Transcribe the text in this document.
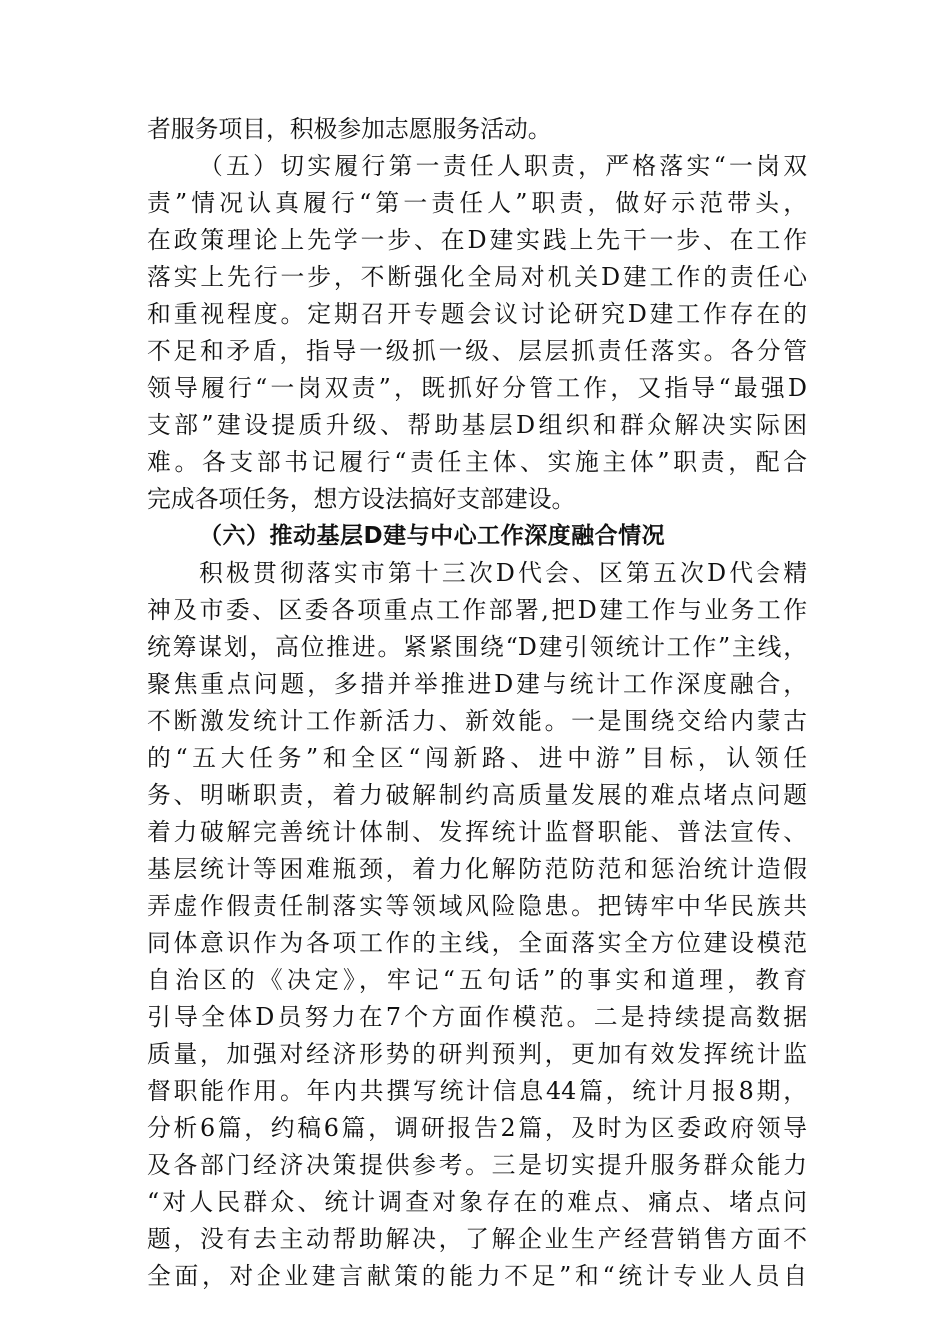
者服务项目，积极参加志愿服务活动。
（五）切实履行第一责任人职责，严格落实“一岗双
责”情况认真履行“第一责任人”职责，做好示范带头，
在政策理论上先学一步、在D建实践上先干一步、在工作
落实上先行一步，不断强化全局对机关D建工作的责任心
和重视程度。定期召开专题会议讨论研究D建工作存在的
不足和矛盾，指导一级抓一级、层层抓责任落实。各分管
领导履行“一岗双责”，既抓好分管工作，又指导“最强D
支部”建设提质升级、帮助基层D组织和群众解决实际困
难。各支部书记履行“责任主体、实施主体”职责，配合
完成各项任务，想方设法搞好支部建设。
（六）推动基层D建与中心工作深度融合情况
积极贯彻落实市第十三次D代会、区第五次D代会精
神及市委、区委各项重点工作部署,把D建工作与业务工作
统筹谋划，高位推进。紧紧围绕“D建引领统计工作”主线，
聚焦重点问题，多措并举推进D建与统计工作深度融合，
不断激发统计工作新活力、新效能。一是围绕交给内蒙古
的“五大任务”和全区“闯新路、进中游”目标，认领任
务、明晰职责，着力破解制约高质量发展的难点堵点问题
着力破解完善统计体制、发挥统计监督职能、普法宣传、
基层统计等困难瓶颈，着力化解防范防范和惩治统计造假
弄虚作假责任制落实等领域风险隐患。把铸牢中华民族共
同体意识作为各项工作的主线，全面落实全方位建设模范
自治区的《决定》，牢记“五句话”的事实和道理，教育
引导全体D员努力在7个方面作模范。二是持续提高数据
质量，加强对经济形势的研判预判，更加有效发挥统计监
督职能作用。年内共撰写统计信息44篇，统计月报8期，
分析6篇，约稿6篇，调研报告2篇，及时为区委政府领导
及各部门经济决策提供参考。三是切实提升服务群众能力
“对人民群众、统计调查对象存在的难点、痛点、堵点问
题，没有去主动帮助解决，了解企业生产经营销售方面不
全面，对企业建言献策的能力不足”和“统计专业人员自
